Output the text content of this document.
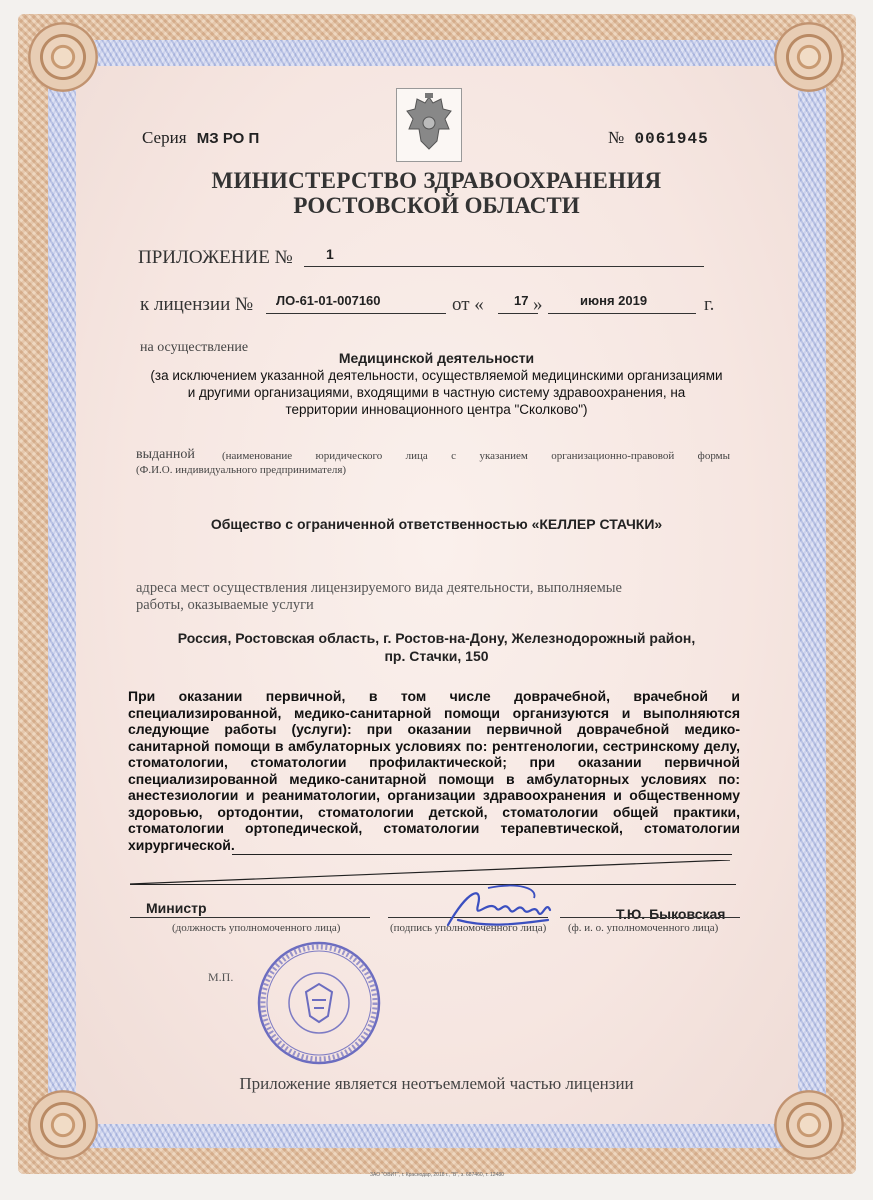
Серия МЗ РО П	№ 0061945
МИНИСТЕРСТВО ЗДРАВООХРАНЕНИЯ
РОСТОВСКОЙ ОБЛАСТИ
ПРИЛОЖЕНИЕ № 1
к лицензии № ЛО-61-01-007160	от « 17 »	июня 2019	г.
на осуществление
Медицинской деятельности
(за исключением указанной деятельности, осуществляемой медицинскими организациями
и другими организациями, входящими в частную систему здравоохранения, на
территории инновационного центра "Сколково")
выданной (наименование юридического лица с указанием организационно-правовой формы
(Ф.И.О. индивидуального предпринимателя)
Общество с ограниченной ответственностью «КЕЛЛЕР СТАЧКИ»
адреса мест осуществления лицензируемого вида деятельности, выполняемые
работы, оказываемые услуги
Россия, Ростовская область, г. Ростов-на-Дону, Железнодорожный район,
пр. Стачки, 150
При оказании первичной, в том числе доврачебной, врачебной и специализированной, медико-санитарной помощи организуются и выполняются следующие работы (услуги): при оказании первичной доврачебной медико-санитарной помощи в амбулаторных условиях по: рентгенологии, сестринскому делу, стоматологии, стоматологии профилактической; при оказании первичной специализированной медико-санитарной помощи в амбулаторных условиях по: анестезиологии и реаниматологии, организации здравоохранения и общественному здоровью, ортодонтии, стоматологии детской, стоматологии общей практики, стоматологии ортопедической, стоматологии терапевтической, стоматологии хирургической.
Министр
(должность уполномоченного лица)	(подпись уполномоченного лица)
Т.Ю. Быковская
(ф. и. о. уполномоченного лица)
М.П.
Приложение является неотъемлемой частью лицензии
ЗАО "ОВИТ", г. Краснодар, 2018 г., "В", з. 687460, т. 12480
